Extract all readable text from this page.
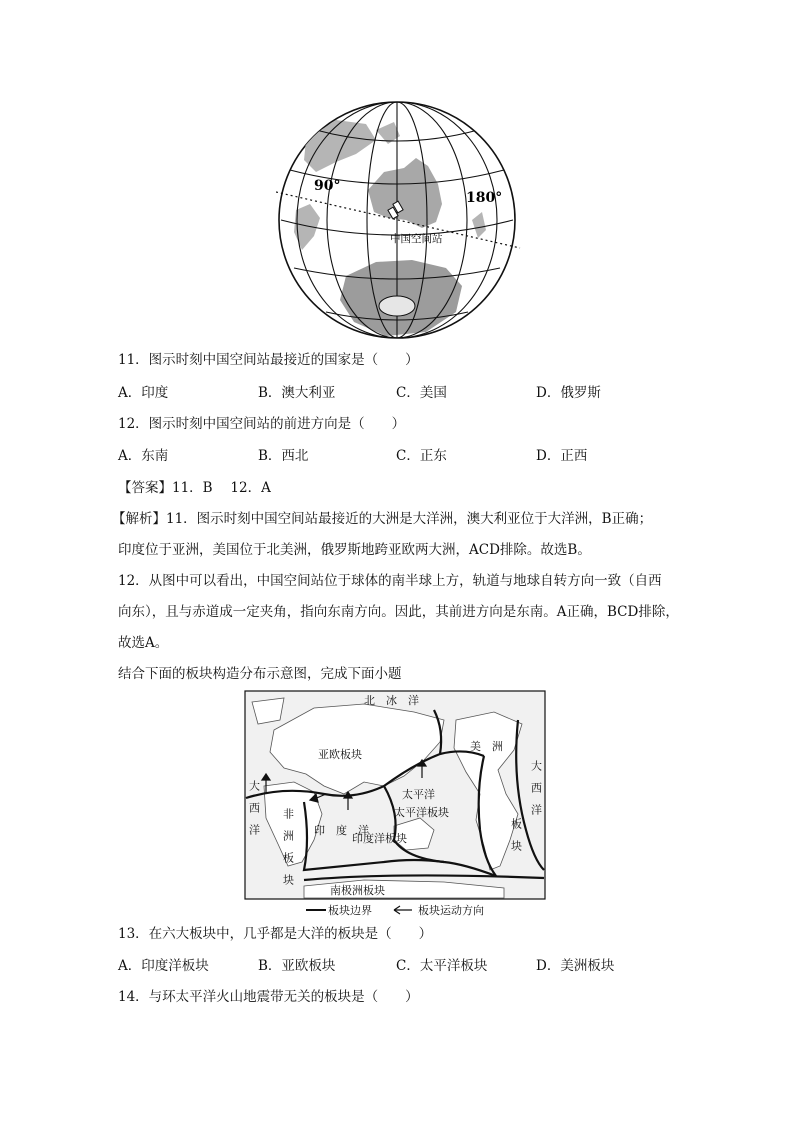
90°
180°
中国空间站
11．图示时刻中国空间站最接近的国家是（　　）
A．印度	B．澳大利亚	C．美国	D．俄罗斯
12．图示时刻中国空间站的前进方向是（　　）
A．东南	B．西北	C．正东	D．正西
【答案】11．B　 12．A
【解析】11．图示时刻中国空间站最接近的大洲是大洋洲，澳大利亚位于大洋洲，B正确；
印度位于亚洲，美国位于北美洲，俄罗斯地跨亚欧两大洲，ACD排除。故选B。
12．从图中可以看出，中国空间站位于球体的南半球上方，轨道与地球自转方向一致（自西
向东），且与赤道成一定夹角，指向东南方向。因此，其前进方向是东南。A正确，BCD排除，
故选A。
结合下面的板块构造分布示意图，完成下面小题
北　冰　洋
亚欧板块
美　洲
太平洋
太平洋板块
印　度　洋
印度洋板块
南极洲板块
非　洲　板　块
大　西　洋	大　西　洋
板　块
板块边界	板块运动方向
13．在六大板块中，几乎都是大洋的板块是（　　）
A．印度洋板块	B．亚欧板块	C．太平洋板块	D．美洲板块
14．与环太平洋火山地震带无关的板块是（　　）
